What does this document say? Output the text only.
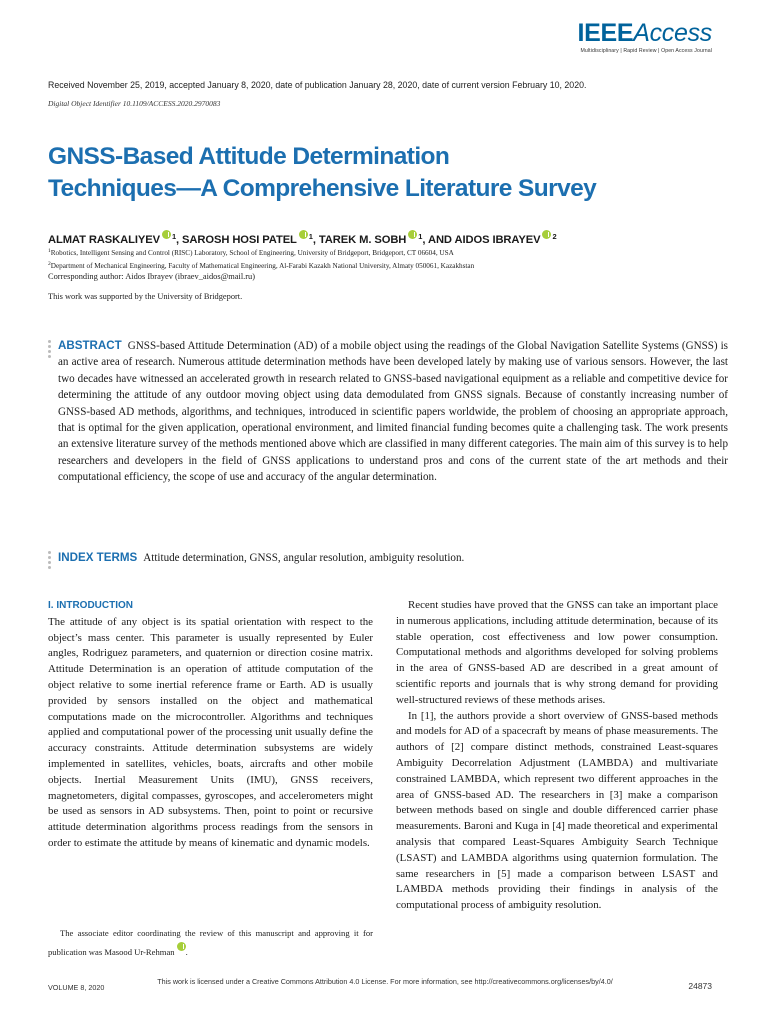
IEEEAccess
Multidisciplinary | Rapid Review | Open Access Journal
Received November 25, 2019, accepted January 8, 2020, date of publication January 28, 2020, date of current version February 10, 2020.
Digital Object Identifier 10.1109/ACCESS.2020.2970083
GNSS-Based Attitude Determination
Techniques—A Comprehensive Literature Survey
ALMAT RASKALIYEV $^1$, SAROSH HOSI PATEL $^1$, TAREK M. SOBH $^1$, AND AIDOS IBRAYEV $^2$
$^1$Robotics, Intelligent Sensing and Control (RISC) Laboratory, School of Engineering, University of Bridgeport, Bridgeport, CT 06604, USA
$^2$Department of Mechanical Engineering, Faculty of Mathematical Engineering, Al-Farabi Kazakh National University, Almaty 050061, Kazakhstan
Corresponding author: Aidos Ibrayev (ibraev_aidos@mail.ru)
This work was supported by the University of Bridgeport.
ABSTRACT GNSS-based Attitude Determination (AD) of a mobile object using the readings of the Global Navigation Satellite Systems (GNSS) is an active area of research. Numerous attitude determination methods have been developed lately by making use of various sensors. However, the last two decades have witnessed an accelerated growth in research related to GNSS-based navigational equipment as a reliable and competitive device for determining the attitude of any outdoor moving object using data demodulated from GNSS signals. Because of constantly increasing number of GNSS-based AD methods, algorithms, and techniques, introduced in scientific papers worldwide, the problem of choosing an appropriate approach, that is optimal for the given application, operational environment, and limited financial funding becomes quite a challenging task. The work presents an extensive literature survey of the methods mentioned above which are classified in many different categories. The main aim of this survey is to help researchers and developers in the field of GNSS applications to understand pros and cons of the current state of the art methods and their computational efficiency, the scope of use and accuracy of the angular determination.
INDEX TERMS Attitude determination, GNSS, angular resolution, ambiguity resolution.
I. INTRODUCTION

The attitude of any object is its spatial orientation with respect to the object’s mass center. This parameter is usually represented by Euler angles, Rodriguez parameters, and quaternion or direction cosine matrix. Attitude Determination is an operation of attitude computation of the object relative to some inertial reference frame or Earth. AD is usually provided by sensors installed on the object and mathematical computations made on the microcontroller. Algorithms and techniques applied and computational power of the processing unit usually define the accuracy constraints. Attitude determination subsystems are widely implemented in satellites, vehicles, boats, aircrafts and other mobile objects. Inertial Measurement Units (IMU), GNSS receivers, magnetometers, digital compasses, gyroscopes, and accelerometers might be used as sensors in AD subsystems. Then, point to point or recursive attitude determination algorithms process readings from the sensors in order to estimate the attitude by means of kinematic and dynamic models.

The associate editor coordinating the review of this manuscript and approving it for publication was Masood Ur-Rehman .

Recent studies have proved that the GNSS can take an important place in numerous applications, including attitude determination, because of its stable operation, cost effectiveness and low power consumption. Computational methods and algorithms developed for solving problems in the area of GNSS-based AD are described in a great amount of scientific reports and journals that is why strong demand for providing well-structured reviews of these methods arises.

In [1], the authors provide a short overview of GNSS-based methods and models for AD of a spacecraft by means of phase measurements. The authors of [2] compare distinct methods, constrained Least-squares Ambiguity Decorrelation Adjustment (LAMBDA) and multivariate constrained LAMBDA, which represent two different approaches in the area of GNSS-based AD. The researchers in [3] make a comparison between methods based on single and double differenced carrier phase measurements. Baroni and Kuga in [4] made theoretical and experimental analysis that compared Least-Squares Ambiguity Search Technique (LSAST) and LAMBDA algorithms using quaternion formulation. The same researchers in [5] made a comparison between LSAST and LAMBDA methods providing their findings in analysis of the computational process of ambiguity resolution.

VOLUME 8, 2020
This work is licensed under a Creative Commons Attribution 4.0 License. For more information, see http://creativecommons.org/licenses/by/4.0/	24873
